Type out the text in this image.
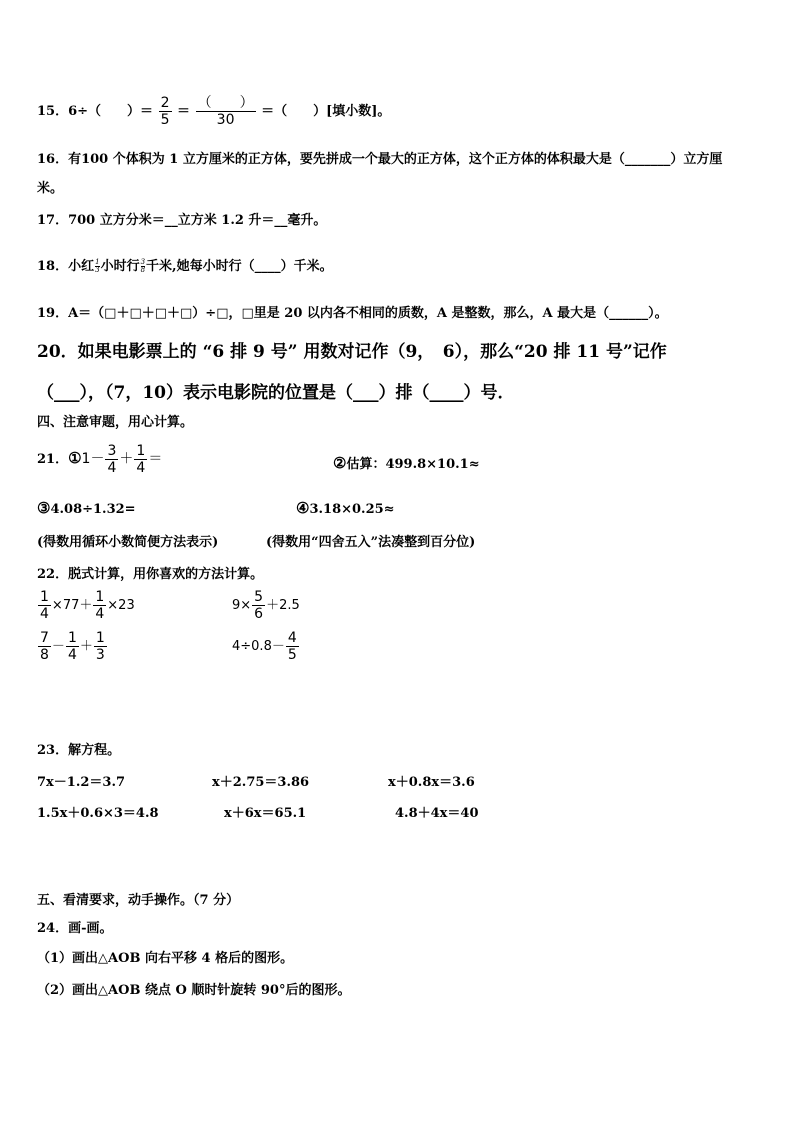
15．6÷（　　）＝ $\frac{2}{5} = \frac{( )}{30}$ ＝（　　）[填小数]。
16．有100 个体积为 1 立方厘米的正方体，要先拼成一个最大的正方体，这个正方体的体积最大是（_______）立方厘
米。
17．700 立方分米＝__立方米 1.2 升＝__毫升。
18．小红 $\frac{1}{3}$ 小时行 $\frac{3}{8}$ 千米,她每小时行（____）千米。
19．A＝（□＋□＋□＋□）÷□，□里是 20 以内各不相同的质数，A 是整数，那么，A 最大是（______）。
20．如果电影票上的 “6 排 9 号” 用数对记作（9，　6），那么“20 排 11 号”记作
（___），（7，10）表示电影院的位置是（___）排（____）号．
四、注意审题，用心计算。
21．①1－ $\frac{3}{4} + \frac{1}{4}$ ＝	②估算：499.8×10.1≈
③4.08÷1.32=	④3.18×0.25≈
(得数用循环小数简便方法表示)	(得数用“四舍五入”法凑整到百分位)
22．脱式计算，用你喜欢的方法计算。
$\frac{1}{4} \times 77+ \frac{1}{4} \times 23$	$9\times \frac{5}{6} +2.5$
$\frac{7}{8} - \frac{1}{4} + \frac{1}{3}$	$4\div 0.8- \frac{4}{5}$
23．解方程。
7x－1.2＝3.7	x＋2.75＝3.86	x＋0.8x＝3.6
1.5x＋0.6×3＝4.8	x＋6x＝65.1	4.8＋4x＝40
五、看清要求，动手操作。（7 分）
24．画-画。
（1）画出△AOB 向右平移 4 格后的图形。
（2）画出△AOB 绕点 O 顺时针旋转 90°后的图形。
